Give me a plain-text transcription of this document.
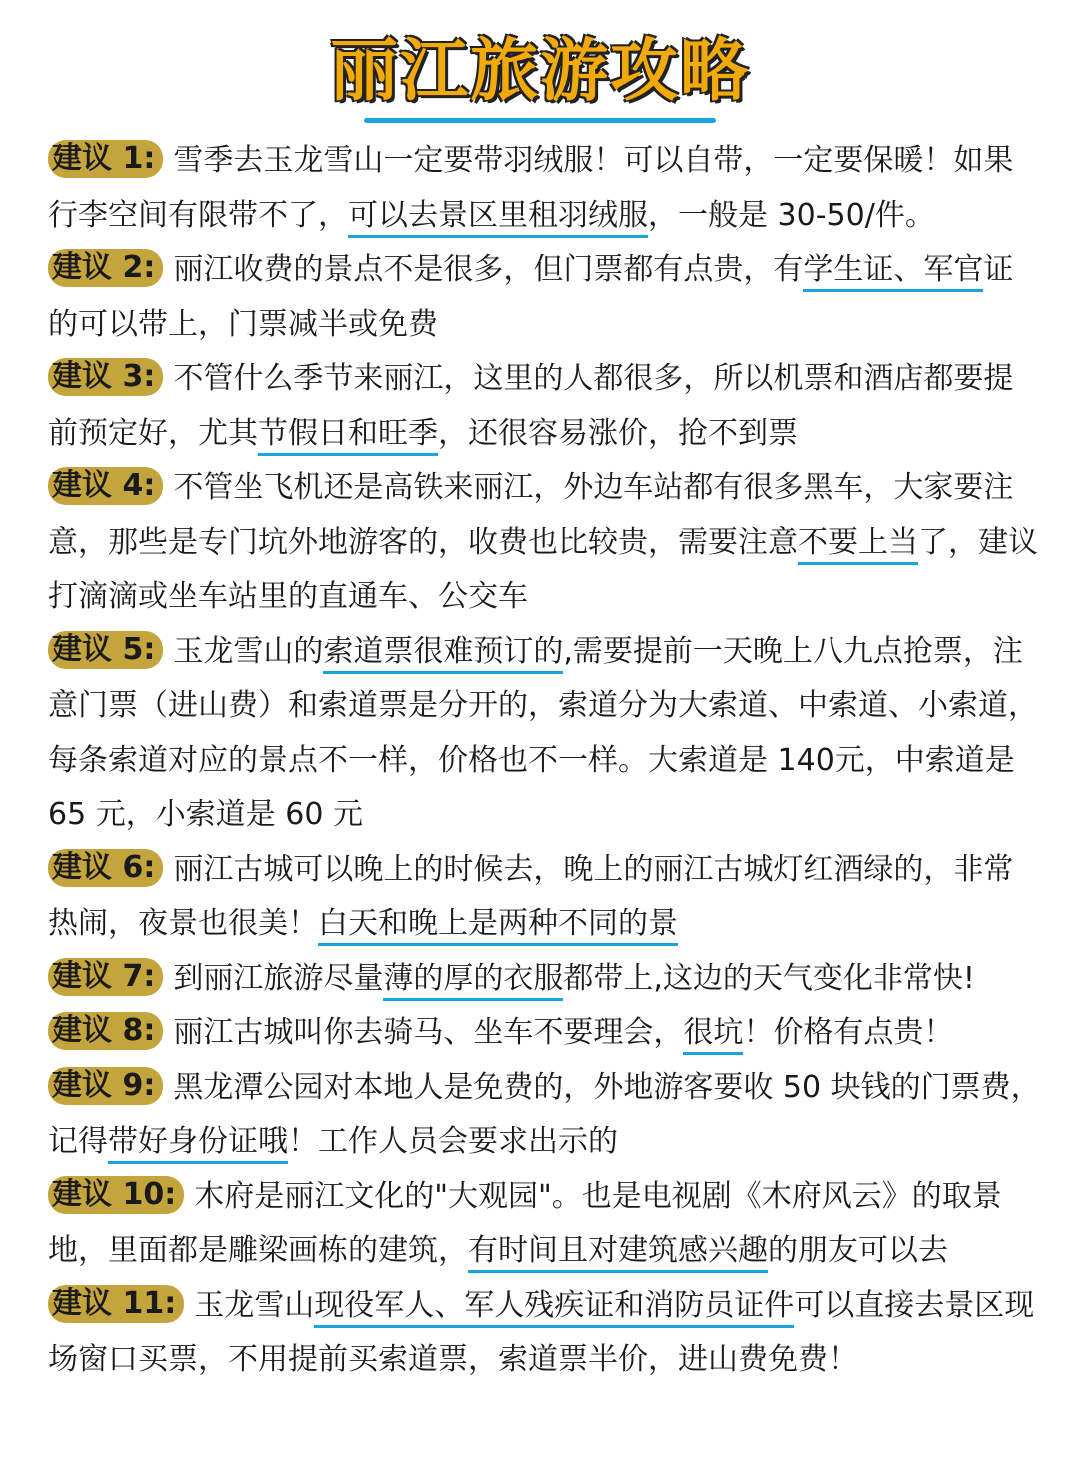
丽江旅游攻略

建议 1: 雪季去玉龙雪山一定要带羽绒服！可以自带，一定要保暖！如果行李空间有限带不了，可以去景区里租羽绒服，一般是 30-50/件。

建议 2: 丽江收费的景点不是很多，但门票都有点贵，有学生证、军官证的可以带上，门票减半或免费

建议 3: 不管什么季节来丽江，这里的人都很多，所以机票和酒店都要提前预定好，尤其节假日和旺季，还很容易涨价，抢不到票

建议 4: 不管坐飞机还是高铁来丽江，外边车站都有很多黑车，大家要注意，那些是专门坑外地游客的，收费也比较贵，需要注意不要上当了，建议打滴滴或坐车站里的直通车、公交车

建议 5: 玉龙雪山的索道票很难预订的,需要提前一天晚上八九点抢票，注意门票（进山费）和索道票是分开的，索道分为大索道、中索道、小索道，每条索道对应的景点不一样，价格也不一样。大索道是 140元，中索道是 65 元，小索道是 60 元

建议 6: 丽江古城可以晚上的时候去，晚上的丽江古城灯红酒绿的，非常热闹，夜景也很美！白天和晚上是两种不同的景

建议 7: 到丽江旅游尽量薄的厚的衣服都带上,这边的天气变化非常快!

建议 8: 丽江古城叫你去骑马、坐车不要理会，很坑！价格有点贵！

建议 9: 黑龙潭公园对本地人是免费的，外地游客要收 50 块钱的门票费，记得带好身份证哦！工作人员会要求出示的

建议 10: 木府是丽江文化的"大观园"。也是电视剧《木府风云》的取景地，里面都是雕梁画栋的建筑，有时间且对建筑感兴趣的朋友可以去

建议 11: 玉龙雪山现役军人、军人残疾证和消防员证件可以直接去景区现场窗口买票，不用提前买索道票，索道票半价，进山费免费！
